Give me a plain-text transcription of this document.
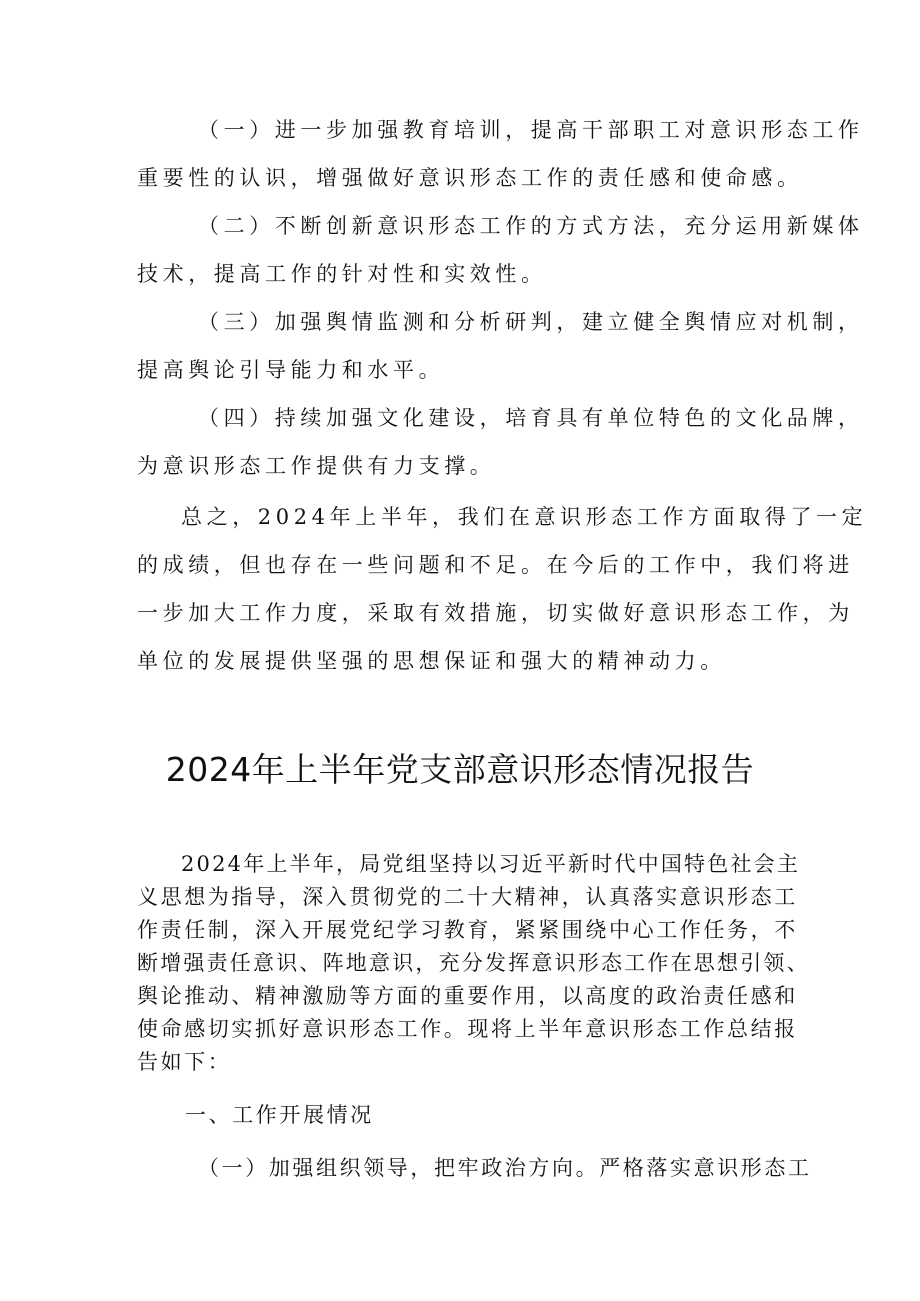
（一）进一步加强教育培训，提高干部职工对意识形态工作
重要性的认识，增强做好意识形态工作的责任感和使命感。
（二）不断创新意识形态工作的方式方法，充分运用新媒体
技术，提高工作的针对性和实效性。
（三）加强舆情监测和分析研判，建立健全舆情应对机制，
提高舆论引导能力和水平。
（四）持续加强文化建设，培育具有单位特色的文化品牌，
为意识形态工作提供有力支撑。
总之，2024年上半年，我们在意识形态工作方面取得了一定
的成绩，但也存在一些问题和不足。在今后的工作中，我们将进
一步加大工作力度，采取有效措施，切实做好意识形态工作，为
单位的发展提供坚强的思想保证和强大的精神动力。
2024年上半年党支部意识形态情况报告
2024年上半年，局党组坚持以习近平新时代中国特色社会主
义思想为指导，深入贯彻党的二十大精神，认真落实意识形态工
作责任制，深入开展党纪学习教育，紧紧围绕中心工作任务，不
断增强责任意识、阵地意识，充分发挥意识形态工作在思想引领、
舆论推动、精神激励等方面的重要作用，以高度的政治责任感和
使命感切实抓好意识形态工作。现将上半年意识形态工作总结报
告如下：
一、工作开展情况
（一）加强组织领导，把牢政治方向。严格落实意识形态工
